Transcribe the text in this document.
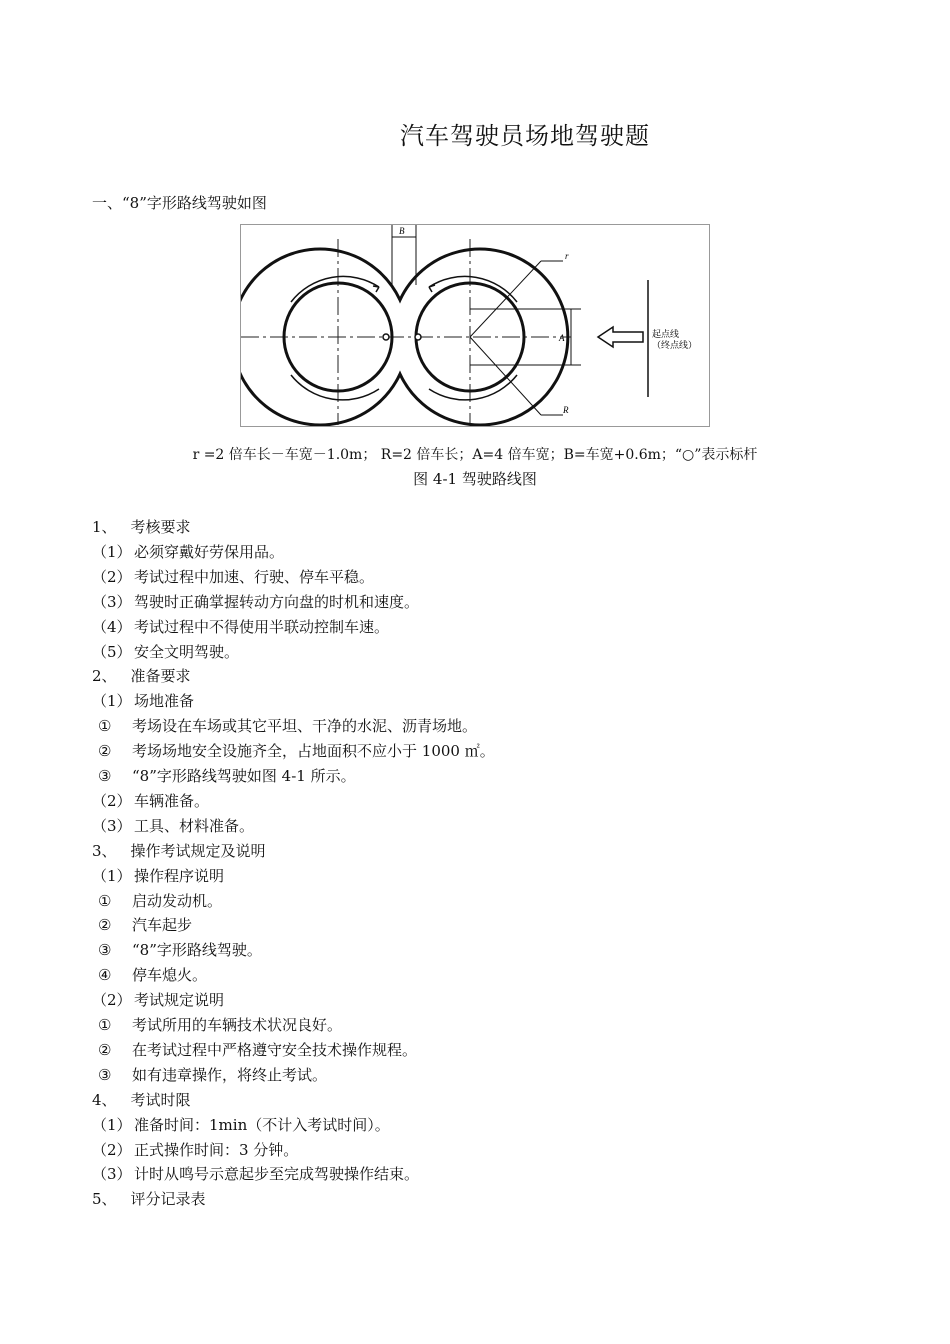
汽车驾驶员场地驾驶题
一、“8”字形路线驾驶如图
B
r
R
A	起点线
（终点线）
r =2 倍车长－车宽－1.0m； R=2 倍车长；A=4 倍车宽；B=车宽+0.6m；“○”表示标杆
图 4-1 驾驶路线图
1、 考核要求
（1） 必须穿戴好劳保用品。
（2） 考试过程中加速、行驶、停车平稳。
（3） 驾驶时正确掌握转动方向盘的时机和速度。
（4） 考试过程中不得使用半联动控制车速。
（5） 安全文明驾驶。
2、 准备要求
（1） 场地准备
① 考场设在车场或其它平坦、干净的水泥、沥青场地。
② 考场场地安全设施齐全，占地面积不应小于 1000 ㎡。
③ “8”字形路线驾驶如图 4-1 所示。
（2） 车辆准备。
（3） 工具、材料准备。
3、 操作考试规定及说明
（1） 操作程序说明
① 启动发动机。
② 汽车起步
③ “8”字形路线驾驶。
④ 停车熄火。
（2） 考试规定说明
① 考试所用的车辆技术状况良好。
② 在考试过程中严格遵守安全技术操作规程。
③ 如有违章操作，将终止考试。
4、 考试时限
（1） 准备时间：1min（不计入考试时间）。
（2） 正式操作时间：3 分钟。
（3） 计时从鸣号示意起步至完成驾驶操作结束。
5、 评分记录表
